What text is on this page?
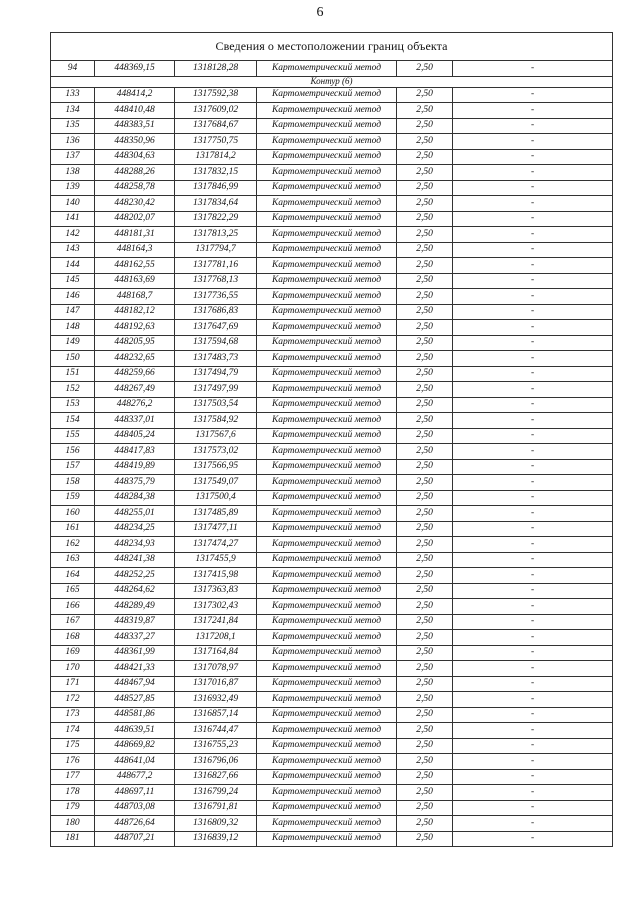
6
Сведения о местоположении границ объекта					
94	448369,15	1318128,28	Картометрический метод	2,50	-
Контур (6)					
133	448414,2	1317592,38	Картометрический метод	2,50	-
134	448410,48	1317609,02	Картометрический метод	2,50	-
135	448383,51	1317684,67	Картометрический метод	2,50	-
136	448350,96	1317750,75	Картометрический метод	2,50	-
137	448304,63	1317814,2	Картометрический метод	2,50	-
138	448288,26	1317832,15	Картометрический метод	2,50	-
139	448258,78	1317846,99	Картометрический метод	2,50	-
140	448230,42	1317834,64	Картометрический метод	2,50	-
141	448202,07	1317822,29	Картометрический метод	2,50	-
142	448181,31	1317813,25	Картометрический метод	2,50	-
143	448164,3	1317794,7	Картометрический метод	2,50	-
144	448162,55	1317781,16	Картометрический метод	2,50	-
145	448163,69	1317768,13	Картометрический метод	2,50	-
146	448168,7	1317736,55	Картометрический метод	2,50	-
147	448182,12	1317686,83	Картометрический метод	2,50	-
148	448192,63	1317647,69	Картометрический метод	2,50	-
149	448205,95	1317594,68	Картометрический метод	2,50	-
150	448232,65	1317483,73	Картометрический метод	2,50	-
151	448259,66	1317494,79	Картометрический метод	2,50	-
152	448267,49	1317497,99	Картометрический метод	2,50	-
153	448276,2	1317503,54	Картометрический метод	2,50	-
154	448337,01	1317584,92	Картометрический метод	2,50	-
155	448405,24	1317567,6	Картометрический метод	2,50	-
156	448417,83	1317573,02	Картометрический метод	2,50	-
157	448419,89	1317566,95	Картометрический метод	2,50	-
158	448375,79	1317549,07	Картометрический метод	2,50	-
159	448284,38	1317500,4	Картометрический метод	2,50	-
160	448255,01	1317485,89	Картометрический метод	2,50	-
161	448234,25	1317477,11	Картометрический метод	2,50	-
162	448234,93	1317474,27	Картометрический метод	2,50	-
163	448241,38	1317455,9	Картометрический метод	2,50	-
164	448252,25	1317415,98	Картометрический метод	2,50	-
165	448264,62	1317363,83	Картометрический метод	2,50	-
166	448289,49	1317302,43	Картометрический метод	2,50	-
167	448319,87	1317241,84	Картометрический метод	2,50	-
168	448337,27	1317208,1	Картометрический метод	2,50	-
169	448361,99	1317164,84	Картометрический метод	2,50	-
170	448421,33	1317078,97	Картометрический метод	2,50	-
171	448467,94	1317016,87	Картометрический метод	2,50	-
172	448527,85	1316932,49	Картометрический метод	2,50	-
173	448581,86	1316857,14	Картометрический метод	2,50	-
174	448639,51	1316744,47	Картометрический метод	2,50	-
175	448669,82	1316755,23	Картометрический метод	2,50	-
176	448641,04	1316796,06	Картометрический метод	2,50	-
177	448677,2	1316827,66	Картометрический метод	2,50	-
178	448697,11	1316799,24	Картометрический метод	2,50	-
179	448703,08	1316791,81	Картометрический метод	2,50	-
180	448726,64	1316809,32	Картометрический метод	2,50	-
181	448707,21	1316839,12	Картометрический метод	2,50	-
